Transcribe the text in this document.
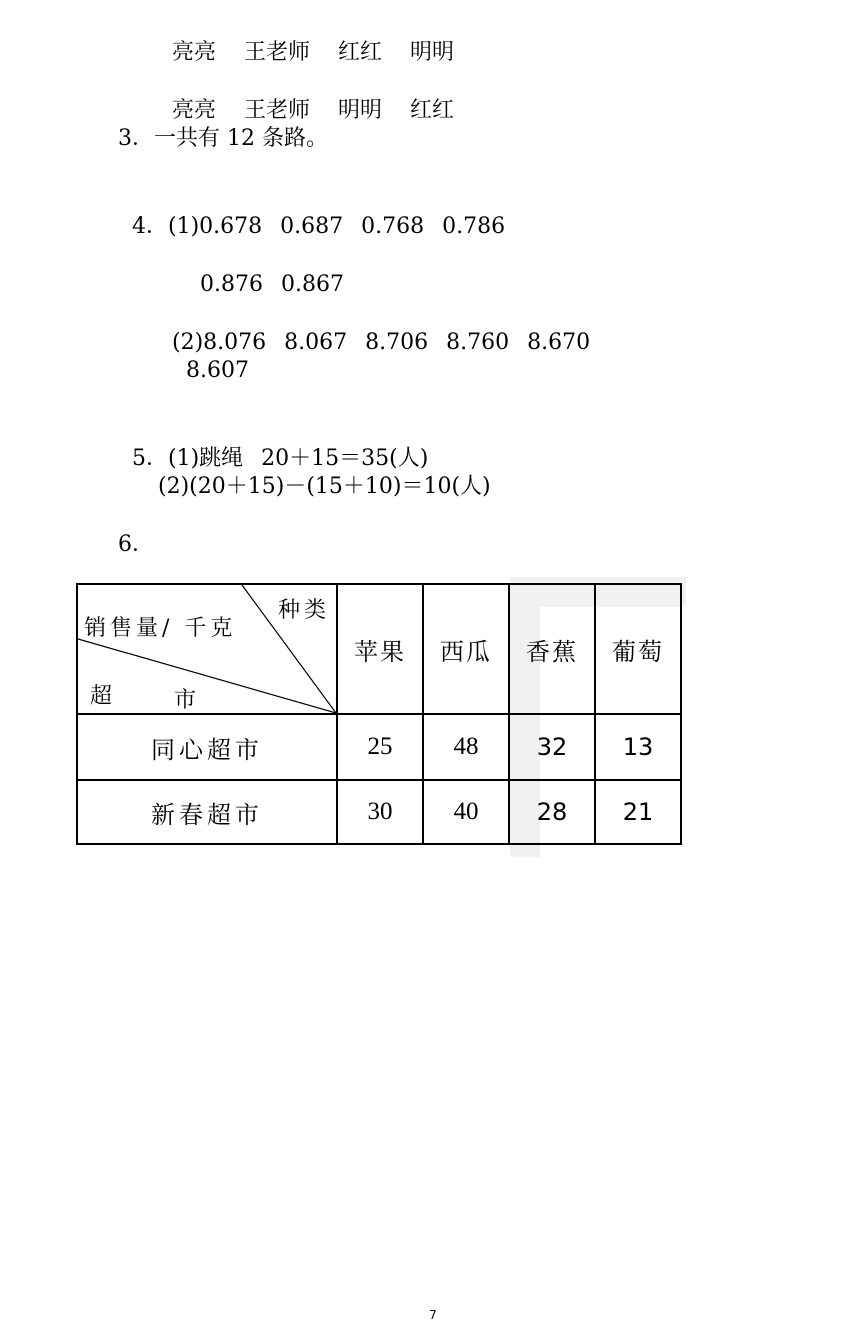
亮亮 王老师 红红 明明

亮亮 王老师 明明 红红

3．一共有 12 条路。

4．(1)0.678 0.687 0.768 0.786

0.876 0.867

(2)8.076 8.067 8.706 8.760 8.670

8.607

5．(1)跳绳 20＋15＝35(人)

(2)(20＋15)－(15＋10)＝10(人)
6．
种类
销售量/ 千克
超 市	苹果	西瓜	香蕉	葡萄
同心超市	25	48	32	13
新春超市	30	40	28	21
7
